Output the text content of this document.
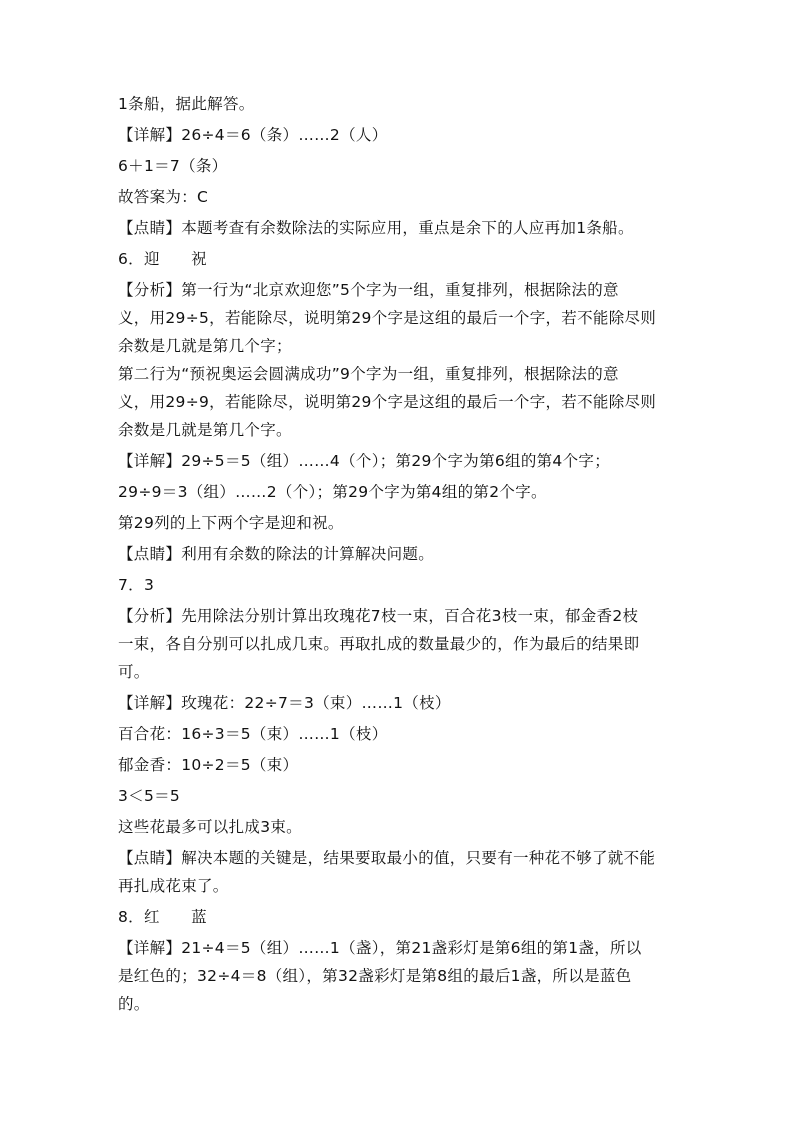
1条船，据此解答。

【详解】26÷4＝6（条）……2（人）

6＋1＝7（条）

故答案为：C

【点睛】本题考查有余数除法的实际应用，重点是余下的人应再加1条船。

6．迎      祝

【分析】第一行为“北京欢迎您”5个字为一组，重复排列，根据除法的意

义，用29÷5，若能除尽，说明第29个字是这组的最后一个字，若不能除尽则

余数是几就是第几个字；

第二行为“预祝奥运会圆满成功”9个字为一组，重复排列，根据除法的意

义，用29÷9，若能除尽，说明第29个字是这组的最后一个字，若不能除尽则

余数是几就是第几个字。

【详解】29÷5＝5（组）……4（个）；第29个字为第6组的第4个字；

29÷9＝3（组）……2（个）；第29个字为第4组的第2个字。

第29列的上下两个字是迎和祝。

【点睛】利用有余数的除法的计算解决问题。

7．3

【分析】先用除法分别计算出玫瑰花7枝一束，百合花3枝一束，郁金香2枝

一束，各自分别可以扎成几束。再取扎成的数量最少的，作为最后的结果即

可。

【详解】玫瑰花：22÷7＝3（束）……1（枝）

百合花：16÷3＝5（束）……1（枝）

郁金香：10÷2＝5（束）

3＜5＝5

这些花最多可以扎成3束。

【点睛】解决本题的关键是，结果要取最小的值，只要有一种花不够了就不能

再扎成花束了。

8．红      蓝

【详解】21÷4＝5（组）……1（盏），第21盏彩灯是第6组的第1盏，所以

是红色的；32÷4＝8（组），第32盏彩灯是第8组的最后1盏，所以是蓝色

的。
